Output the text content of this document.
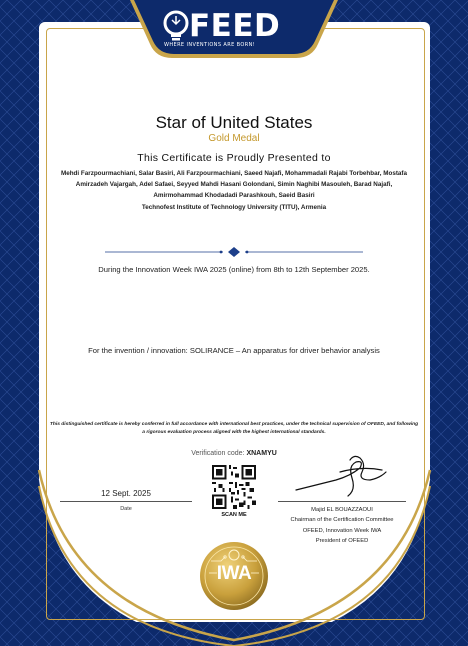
FEED
WHERE INVENTIONS ARE BORN!
Star of United States
Gold Medal
This Certificate is Proudly Presented to
Mehdi Farzpourmachiani, Salar Basiri, Ali Farzpourmachiani, Saeed Najafi, Mohammadali Rajabi Torbehbar, Mostafa Amirzadeh Vajargah, Adel Safaei, Seyyed Mahdi Hasani Golondani, Simin Naghibi Masouleh, Barad Najafi, Amirmohammad Khodadadi Parashkouh, Saeid Basiri
Technofest Institute of Technology University (TITU), Armenia
During the Innovation Week IWA 2025 (online) from 8th to 12th September 2025.
For the invention / innovation: SOLIRANCE – An apparatus for driver behavior analysis
This distinguished certificate is hereby conferred in full accordance with international best practices, under the technical supervision of OFEED, and following a rigorous evaluation process aligned with the highest international standards.
Verification code: XNAMYU
12 Sept. 2025
Date
SCAN ME
Majid EL BOUAZZAOUI
Chairman of the Certification Committee
OFEED, Innovation Week IWA
President of OFEED
IWA
